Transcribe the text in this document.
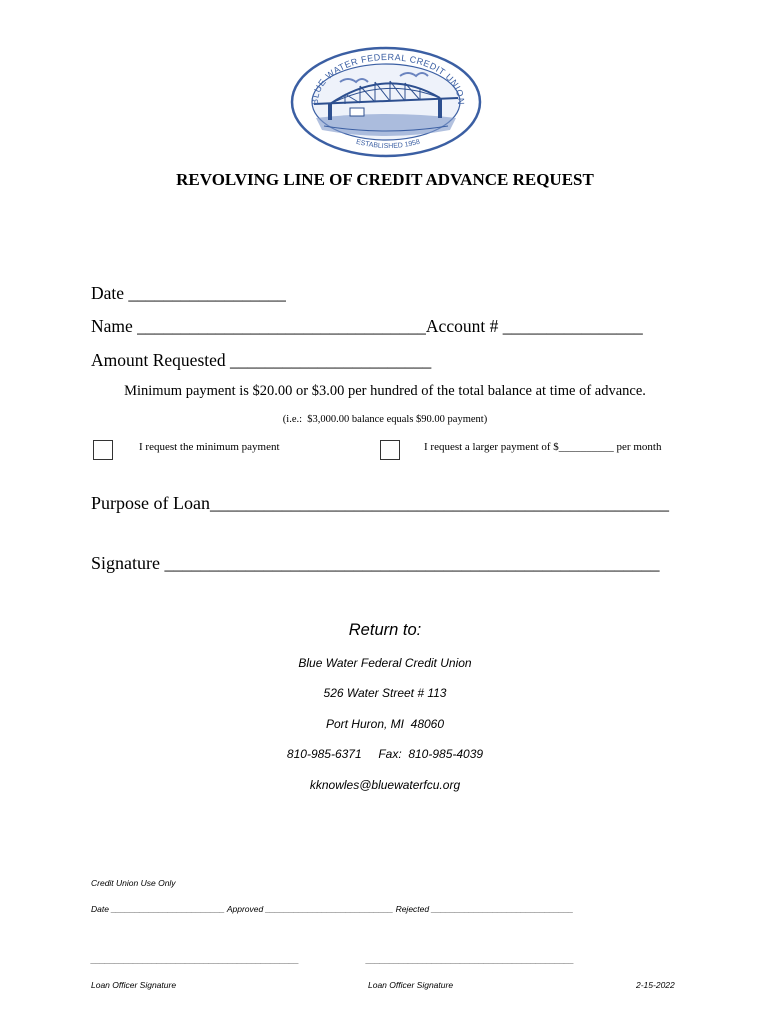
BLUE WATER FEDERAL CREDIT UNION
ESTABLISHED 1958
REVOLVING LINE OF CREDIT ADVANCE REQUEST
Date __________________
Name _________________________________Account # ________________
Amount Requested _______________________
Minimum payment is $20.00 or $3.00 per hundred of the total balance at time of advance.
(i.e.:  $3,000.00 balance equals $90.00 payment)
I request the minimum payment	I request a larger payment of $__________ per month
Purpose of Loan___________________________________________________
Signature _______________________________________________________
Return to:
Blue Water Federal Credit Union
526 Water Street # 113
Port Huron, MI  48060
810-985-6371     Fax:  810-985-4039
kknowles@bluewaterfcu.org
Credit Union Use Only
Date ________________________ Approved ___________________________ Rejected ______________________________
____________________________________________	____________________________________________
Loan Officer Signature	Loan Officer Signature	2-15-2022
